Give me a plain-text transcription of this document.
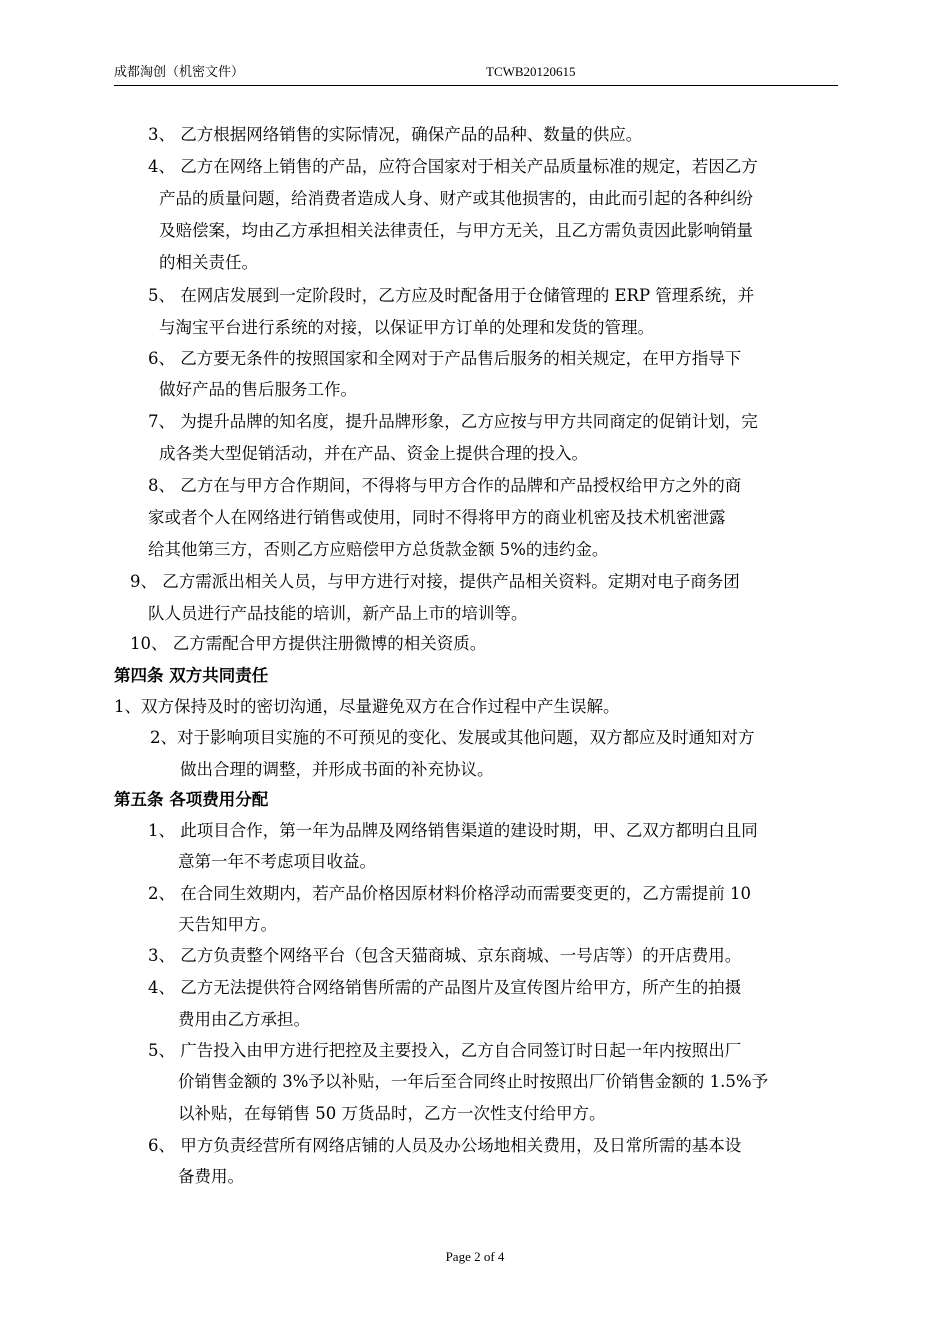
成都淘创（机密文件）	TCWB20120615
3、 乙方根据网络销售的实际情况，确保产品的品种、数量的供应。
4、 乙方在网络上销售的产品，应符合国家对于相关产品质量标准的规定，若因乙方
产品的质量问题，给消费者造成人身、财产或其他损害的，由此而引起的各种纠纷
及赔偿案，均由乙方承担相关法律责任，与甲方无关，且乙方需负责因此影响销量
的相关责任。
5、 在网店发展到一定阶段时，乙方应及时配备用于仓储管理的 ERP 管理系统，并
与淘宝平台进行系统的对接，以保证甲方订单的处理和发货的管理。
6、 乙方要无条件的按照国家和全网对于产品售后服务的相关规定，在甲方指导下
做好产品的售后服务工作。
7、 为提升品牌的知名度，提升品牌形象，乙方应按与甲方共同商定的促销计划，完
成各类大型促销活动，并在产品、资金上提供合理的投入。
8、 乙方在与甲方合作期间，不得将与甲方合作的品牌和产品授权给甲方之外的商
家或者个人在网络进行销售或使用，同时不得将甲方的商业机密及技术机密泄露
给其他第三方，否则乙方应赔偿甲方总货款金额 5%的违约金。
9、 乙方需派出相关人员，与甲方进行对接，提供产品相关资料。定期对电子商务团
队人员进行产品技能的培训，新产品上市的培训等。
10、 乙方需配合甲方提供注册微博的相关资质。
第四条 双方共同责任
1、双方保持及时的密切沟通，尽量避免双方在合作过程中产生误解。
2、对于影响项目实施的不可预见的变化、发展或其他问题，双方都应及时通知对方
做出合理的调整，并形成书面的补充协议。
第五条 各项费用分配
1、 此项目合作，第一年为品牌及网络销售渠道的建设时期，甲、乙双方都明白且同
意第一年不考虑项目收益。
2、 在合同生效期内，若产品价格因原材料价格浮动而需要变更的，乙方需提前 10
天告知甲方。
3、 乙方负责整个网络平台（包含天猫商城、京东商城、一号店等）的开店费用。
4、 乙方无法提供符合网络销售所需的产品图片及宣传图片给甲方，所产生的拍摄
费用由乙方承担。
5、 广告投入由甲方进行把控及主要投入，乙方自合同签订时日起一年内按照出厂
价销售金额的 3%予以补贴，一年后至合同终止时按照出厂价销售金额的 1.5%予
以补贴，在每销售 50 万货品时，乙方一次性支付给甲方。
6、 甲方负责经营所有网络店铺的人员及办公场地相关费用，及日常所需的基本设
备费用。
Page 2 of 4
